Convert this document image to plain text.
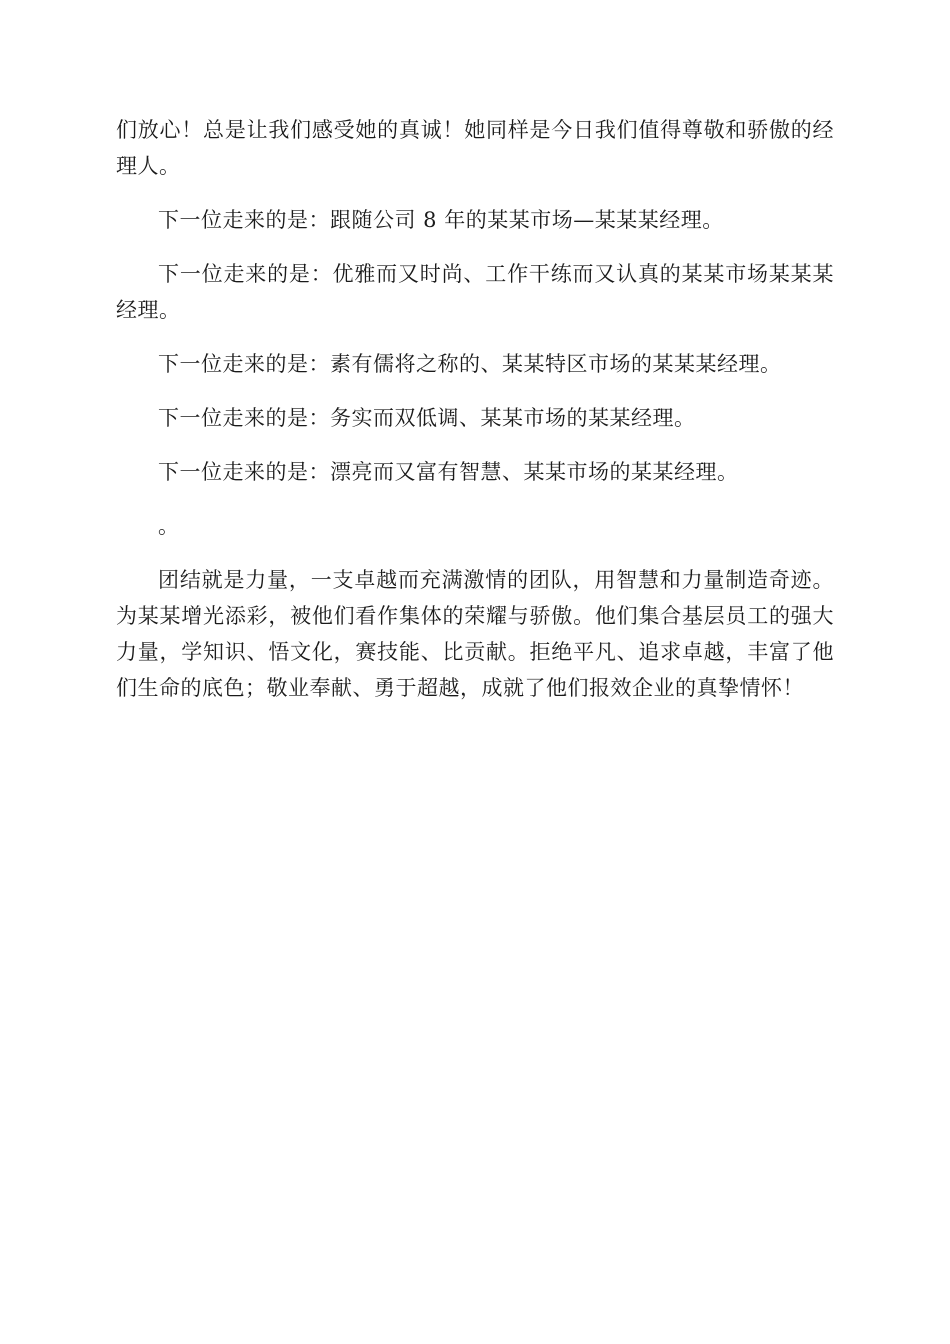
们放心！总是让我们感受她的真诚！她同样是今日我们值得尊敬和骄傲的经理人。

下一位走来的是：跟随公司 8 年的某某市场—某某某经理。

下一位走来的是：优雅而又时尚、工作干练而又认真的某某市场某某某经理。

下一位走来的是：素有儒将之称的、某某特区市场的某某某经理。

下一位走来的是：务实而双低调、某某市场的某某经理。

下一位走来的是：漂亮而又富有智慧、某某市场的某某经理。

。

团结就是力量，一支卓越而充满激情的团队，用智慧和力量制造奇迹。为某某增光添彩，被他们看作集体的荣耀与骄傲。他们集合基层员工的强大力量，学知识、悟文化，赛技能、比贡献。拒绝平凡、追求卓越，丰富了他们生命的底色；敬业奉献、勇于超越，成就了他们报效企业的真挚情怀！
